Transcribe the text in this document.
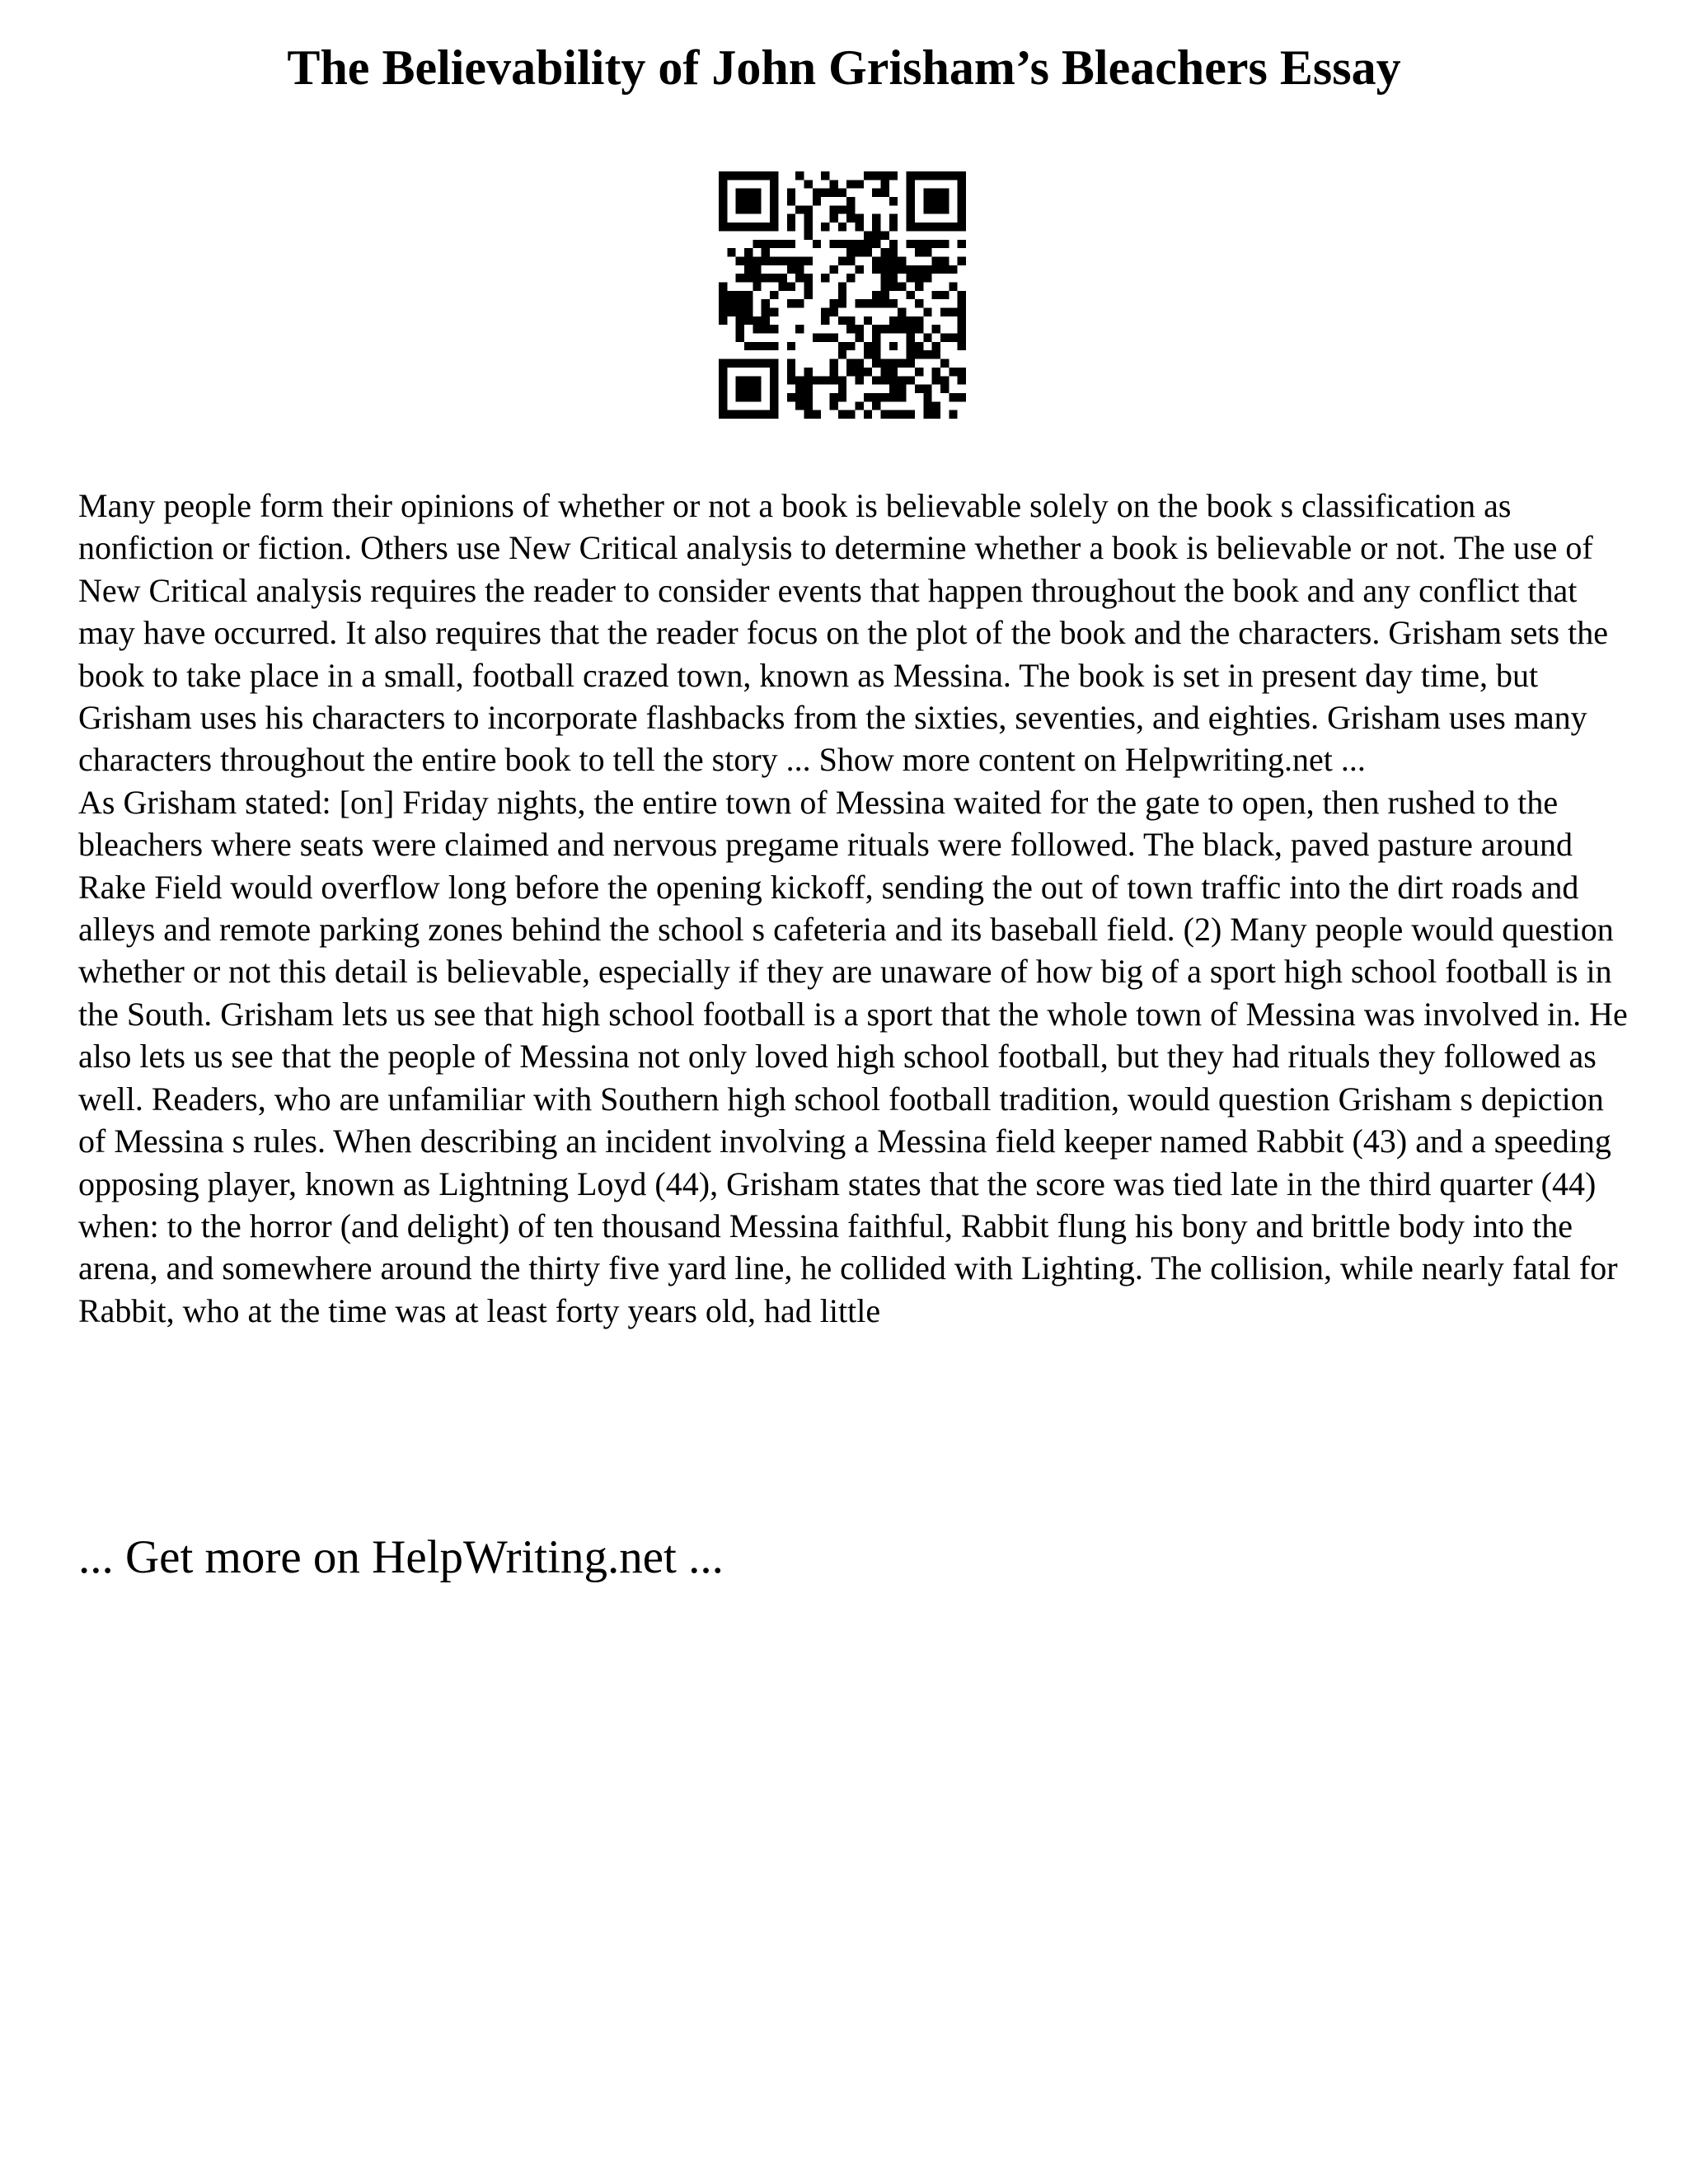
The Believability of John Grisham’s Bleachers Essay

Many people form their opinions of whether or not a book is believable solely on the book s classification as nonfiction or fiction. Others use New Critical analysis to determine whether a book is believable or not. The use of New Critical analysis requires the reader to consider events that happen throughout the book and any conflict that may have occurred. It also requires that the reader focus on the plot of the book and the characters. Grisham sets the book to take place in a small, football crazed town, known as Messina. The book is set in present day time, but Grisham uses his characters to incorporate flashbacks from the sixties, seventies, and eighties. Grisham uses many characters throughout the entire book to tell the story ... Show more content on Helpwriting.net ...

As Grisham stated: [on] Friday nights, the entire town of Messina waited for the gate to open, then rushed to the bleachers where seats were claimed and nervous pregame rituals were followed. The black, paved pasture around Rake Field would overflow long before the opening kickoff, sending the out of town traffic into the dirt roads and alleys and remote parking zones behind the school s cafeteria and its baseball field. (2) Many people would question whether or not this detail is believable, especially if they are unaware of how big of a sport high school football is in the South. Grisham lets us see that high school football is a sport that the whole town of Messina was involved in. He also lets us see that the people of Messina not only loved high school football, but they had rituals they followed as well. Readers, who are unfamiliar with Southern high school football tradition, would question Grisham s depiction of Messina s rules. When describing an incident involving a Messina field keeper named Rabbit (43) and a speeding opposing player, known as Lightning Loyd (44), Grisham states that the score was tied late in the third quarter (44) when: to the horror (and delight) of ten thousand Messina faithful, Rabbit flung his bony and brittle body into the arena, and somewhere around the thirty five yard line, he collided with Lighting. The collision, while nearly fatal for Rabbit, who at the time was at least forty years old, had little

... Get more on HelpWriting.net ...
